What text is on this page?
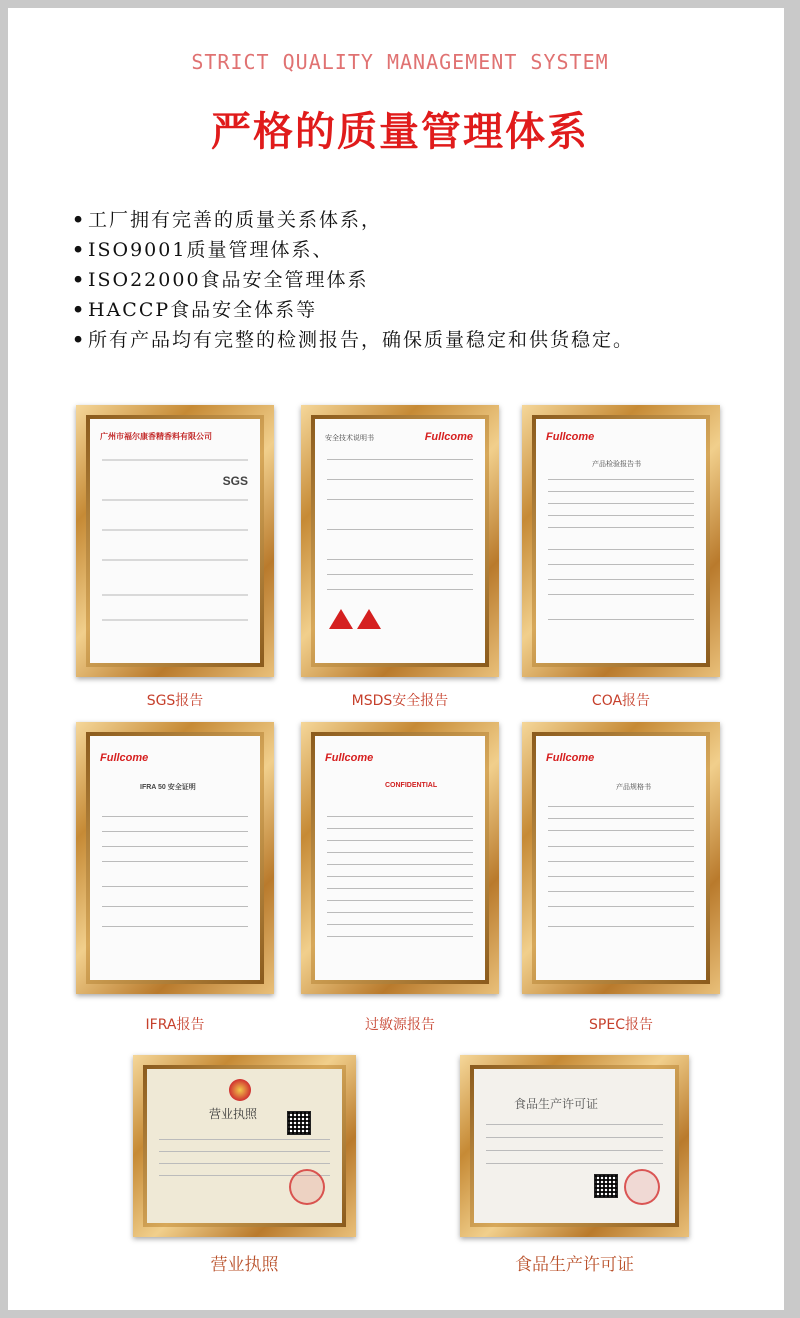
STRICT QUALITY MANAGEMENT SYSTEM
严格的质量管理体系
•工厂拥有完善的质量关系体系，
•ISO9001质量管理体系、
•ISO22000食品安全管理体系
•HACCP食品安全体系等
•所有产品均有完整的检测报告，确保质量稳定和供货稳定。
广州市福尔康香精香料有限公司
SGS
SGS报告
安全技术说明书	Fullcome
MSDS安全报告
Fullcome
产品检验报告书
COA报告
Fullcome
IFRA 50 安全证明
IFRA报告
Fullcome
CONFIDENTIAL
过敏源报告
Fullcome
产品规格书
SPEC报告
营业执照
营业执照
食品生产许可证
食品生产许可证
